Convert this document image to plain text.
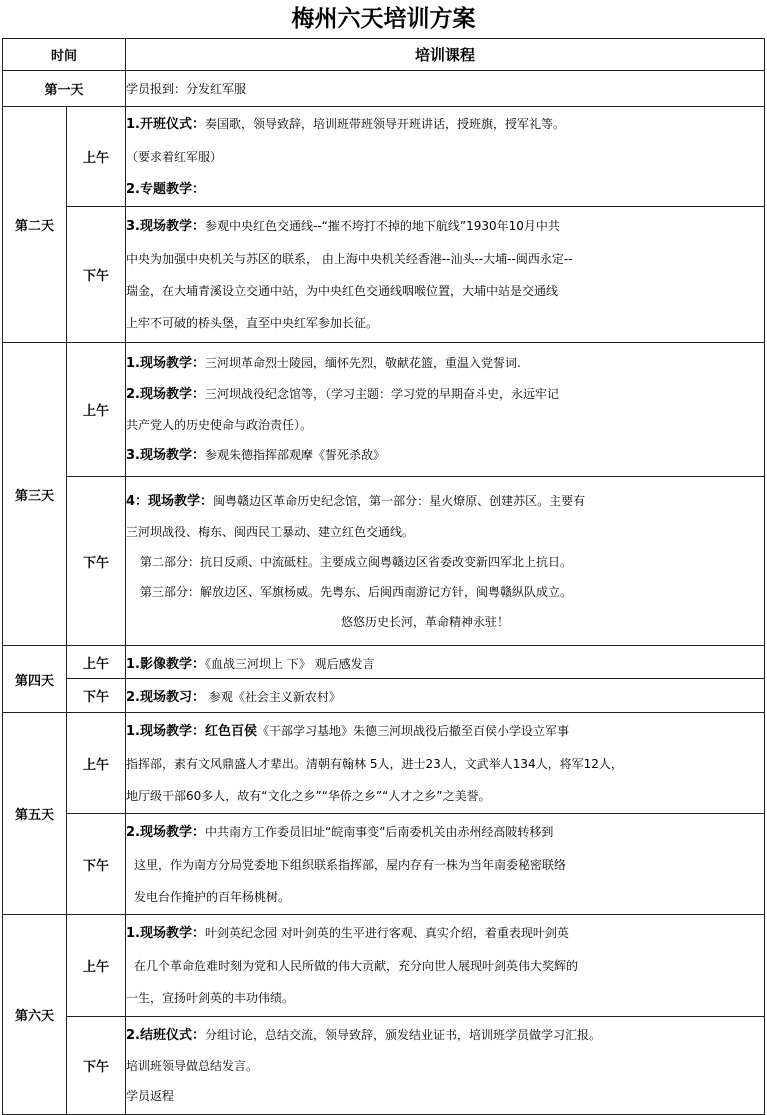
梅州六天培训方案
时间		培训课程
第一天		学员报到：分发红军服
第二天	上午	1.开班仪式：奏国歌，领导致辞，培训班带班领导开班讲话，授班旗，授军礼等。
（要求着红军服）
2.专题教学：

	下午	3.现场教学：参观中央红色交通线--“摧不垮打不掉的地下航线”1930年10月中共
中央为加强中央机关与苏区的联系， 由上海中央机关经香港--汕头--大埔--闽西永定--
瑞金，在大埔青溪设立交通中站，为中央红色交通线咽喉位置，大埔中站是交通线
上牢不可破的桥头堡，直至中央红军参加长征。

第三天	上午	1.现场教学：三河坝革命烈士陵园，缅怀先烈，敬献花篮，重温入党誓词.
2.现场教学：三河坝战役纪念馆等，（学习主题：学习党的早期奋斗史，永远牢记
共产党人的历史使命与政治责任）。
3.现场教学：参观朱德指挥部观摩《誓死杀敌》

	下午	4：现场教学：闽粤赣边区革命历史纪念馆，第一部分：星火燎原、创建苏区。主要有
三河坝战役、梅东、闽西民工暴动、建立红色交通线。
第二部分：抗日反顽、中流砥柱。主要成立闽粤赣边区省委改变新四军北上抗日。
第三部分：解放边区、军旗杨威。先粤东、后闽西南游记方针，闽粤赣纵队成立。
悠悠历史长河，革命精神永驻！

第四天	上午	1.影像教学：《血战三河坝上 下》 观后感发言
	下午	2.现场教习： 参观《社会主义新农村》
第五天	上午	1.现场教学：红色百侯《干部学习基地》朱德三河坝战役后撤至百侯小学设立军事
指挥部，素有文风鼎盛人才辈出。清朝有翰林 5人，进士23人，文武举人134人，将军12人，
地厅级干部60多人，故有“文化之乡”“华侨之乡”“人才之乡”之美誉。

	下午	2.现场教学：中共南方工作委员旧址“皖南事变”后南委机关由赤州经高陂转移到
这里，作为南方分局党委地下组织联系指挥部，屋内存有一株为当年南委秘密联络
发电台作掩护的百年杨桃树。

第六天	上午	1.现场教学：叶剑英纪念园 对叶剑英的生平进行客观、真实介绍，着重表现叶剑英
在几个革命危难时刻为党和人民所做的伟大贡献，充分向世人展现叶剑英伟大奖辉的
一生，宣扬叶剑英的丰功伟绩。

	下午	2.结班仪式：分组讨论，总结交流，领导致辞，颁发结业证书，培训班学员做学习汇报。
培训班领导做总结发言。
学员返程
